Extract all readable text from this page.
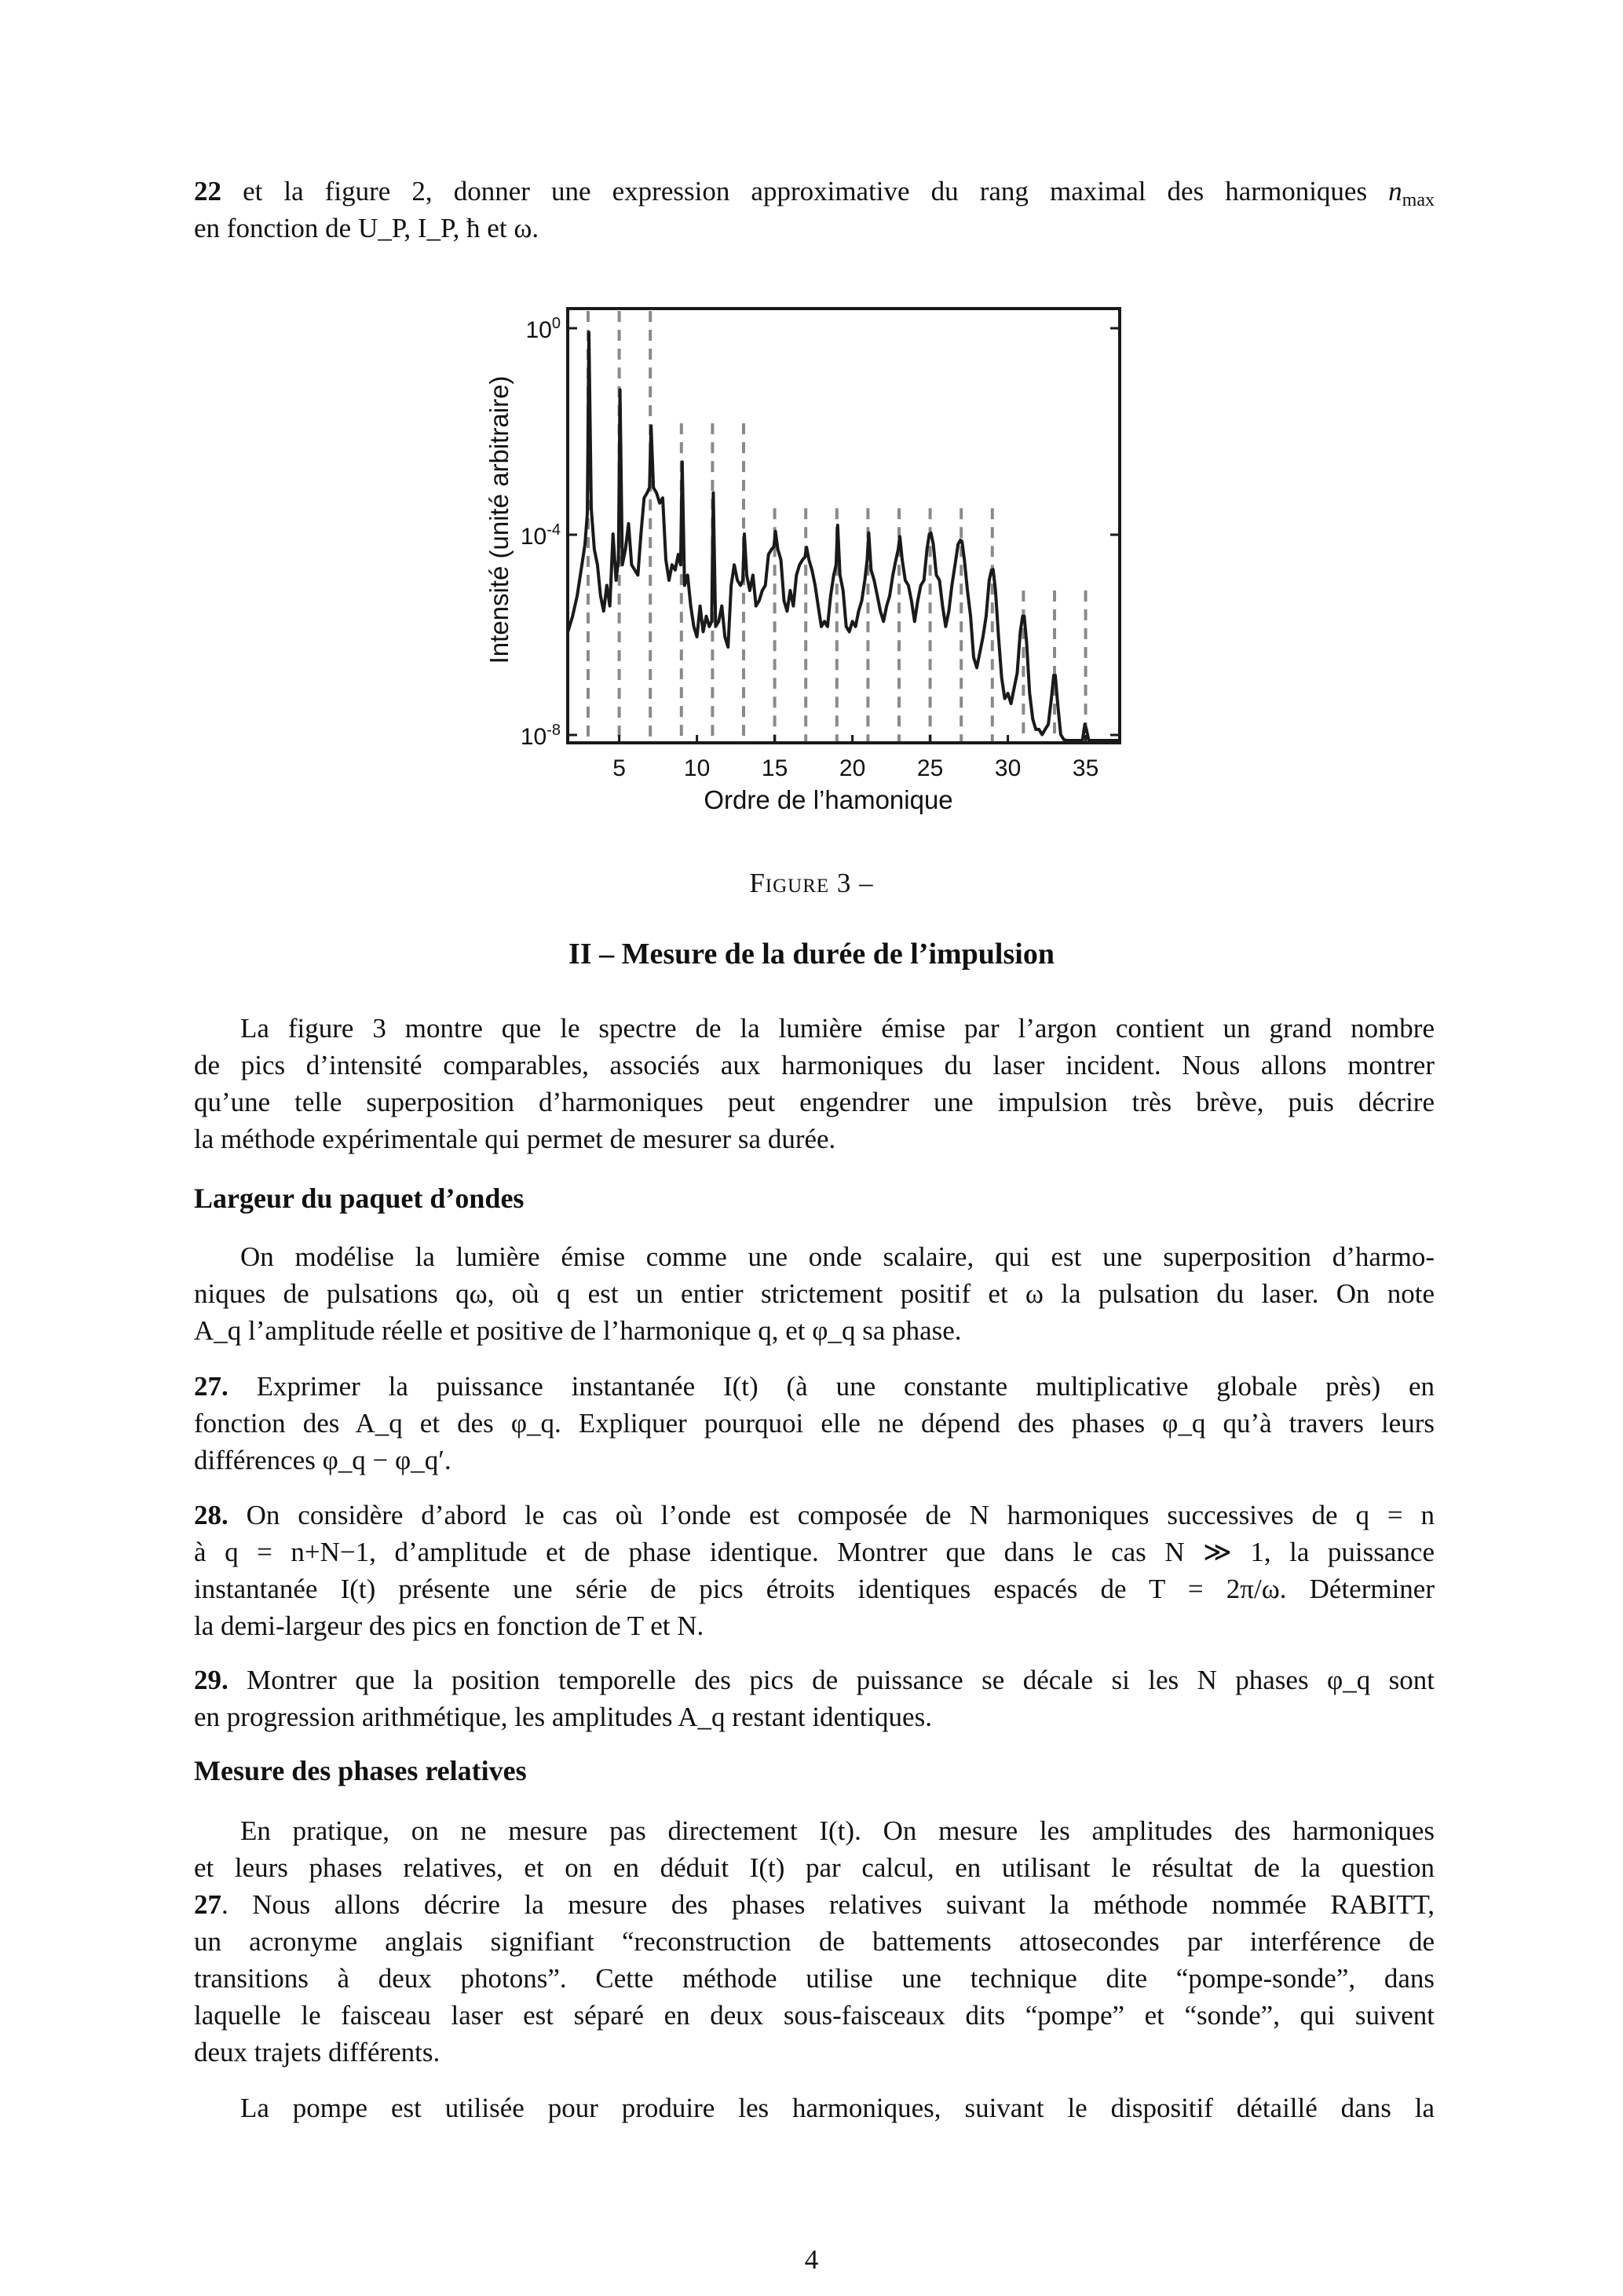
22 et la figure 2, donner une expression approximative du rang maximal des harmoniques $n_{max}$
en fonction de U_P, I_P, ħ et ω.
5 10 15 20 25 30 35
$10^0$
$10^{-4}$
$10^{-8}$
Ordre de l’hamonique
Intensité (unité arbitraire)
Figure 3 –
II – Mesure de la durée de l’impulsion
La figure 3 montre que le spectre de la lumière émise par l’argon contient un grand nombre
de pics d’intensité comparables, associés aux harmoniques du laser incident. Nous allons montrer
qu’une telle superposition d’harmoniques peut engendrer une impulsion très brève, puis décrire
la méthode expérimentale qui permet de mesurer sa durée.
Largeur du paquet d’ondes
On modélise la lumière émise comme une onde scalaire, qui est une superposition d’harmo-
niques de pulsations qω, où q est un entier strictement positif et ω la pulsation du laser. On note
A_q l’amplitude réelle et positive de l’harmonique q, et φ_q sa phase.
27. Exprimer la puissance instantanée I(t) (à une constante multiplicative globale près) en
fonction des A_q et des φ_q. Expliquer pourquoi elle ne dépend des phases φ_q qu’à travers leurs
différences φ_q − φ_q′.
28. On considère d’abord le cas où l’onde est composée de N harmoniques successives de q = n
à q = n+N−1, d’amplitude et de phase identique. Montrer que dans le cas N ≫ 1, la puissance
instantanée I(t) présente une série de pics étroits identiques espacés de T = 2π/ω. Déterminer
la demi-largeur des pics en fonction de T et N.
29. Montrer que la position temporelle des pics de puissance se décale si les N phases φ_q sont
en progression arithmétique, les amplitudes A_q restant identiques.
Mesure des phases relatives
En pratique, on ne mesure pas directement I(t). On mesure les amplitudes des harmoniques
et leurs phases relatives, et on en déduit I(t) par calcul, en utilisant le résultat de la question
27. Nous allons décrire la mesure des phases relatives suivant la méthode nommée RABITT,
un acronyme anglais signifiant “reconstruction de battements attosecondes par interférence de
transitions à deux photons”. Cette méthode utilise une technique dite “pompe-sonde”, dans
laquelle le faisceau laser est séparé en deux sous-faisceaux dits “pompe” et “sonde”, qui suivent
deux trajets différents.
La pompe est utilisée pour produire les harmoniques, suivant le dispositif détaillé dans la
4
